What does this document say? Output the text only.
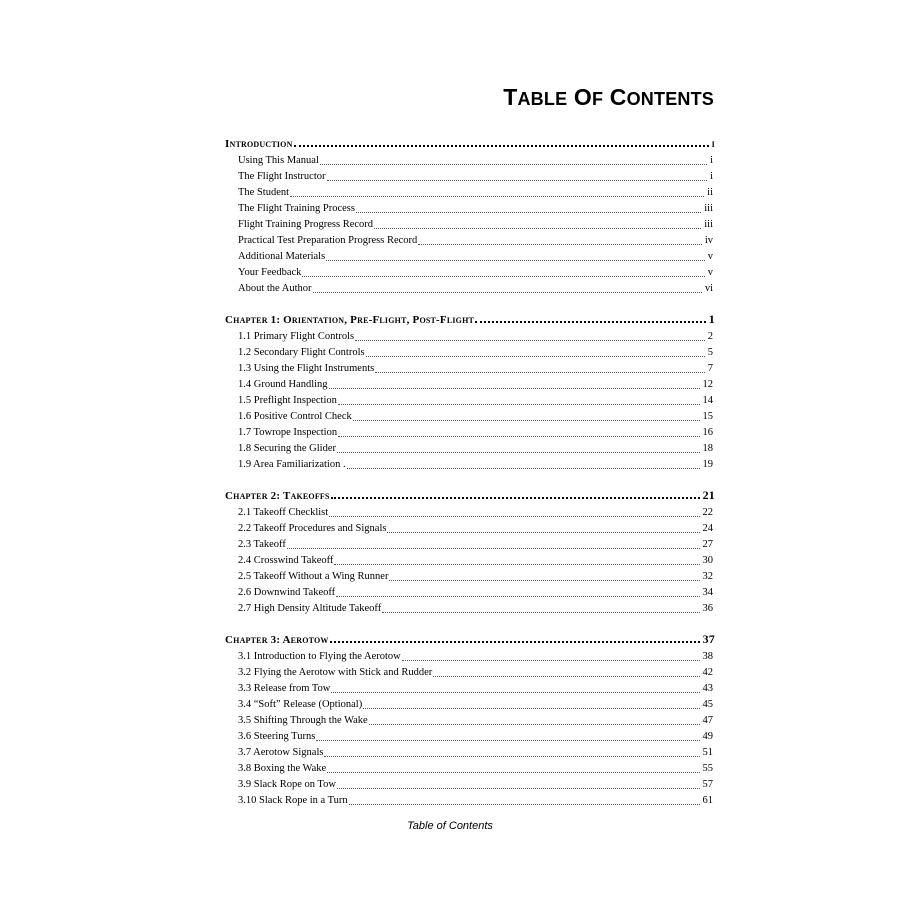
TABLE OF CONTENTS
Introduction	i
Using This Manual	i
The Flight Instructor	i
The Student	ii
The Flight Training Process	iii
Flight Training Progress Record	iii
Practical Test Preparation Progress Record	iv
Additional Materials	v
Your Feedback	v
About the Author	vi
Chapter 1: Orientation, Pre-Flight, Post-Flight	1
1.1 Primary Flight Controls	2
1.2 Secondary Flight Controls	5
1.3 Using the Flight Instruments	7
1.4 Ground Handling	12
1.5 Preflight Inspection	14
1.6 Positive Control Check	15
1.7 Towrope Inspection	16
1.8 Securing the Glider	18
1.9 Area Familiarization .	19
Chapter 2: Takeoffs	21
2.1 Takeoff Checklist	22
2.2 Takeoff Procedures and Signals	24
2.3 Takeoff	27
2.4 Crosswind Takeoff	30
2.5 Takeoff Without a Wing Runner	32
2.6 Downwind Takeoff	34
2.7 High Density Altitude Takeoff	36
Chapter 3: Aerotow	37
3.1 Introduction to Flying the Aerotow	38
3.2 Flying the Aerotow with Stick and Rudder	42
3.3 Release from Tow	43
3.4 “Soft” Release (Optional)	45
3.5 Shifting Through the Wake	47
3.6 Steering Turns	49
3.7 Aerotow Signals	51
3.8 Boxing the Wake	55
3.9 Slack Rope on Tow	57
3.10 Slack Rope in a Turn	61
Table of Contents
